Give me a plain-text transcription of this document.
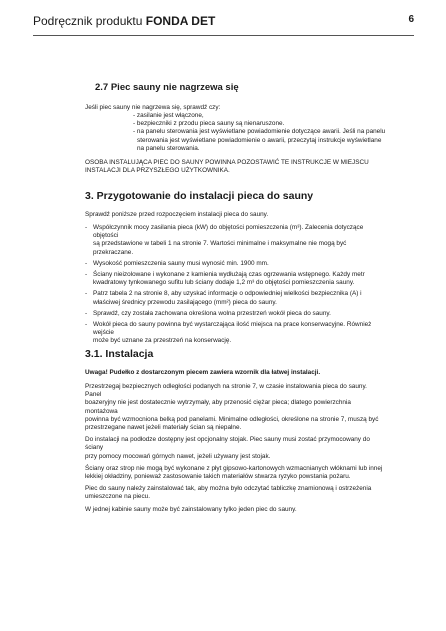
Podręcznik produktu FONDA DET	6
2.7 Piec sauny nie nagrzewa się

Jeśli piec sauny nie nagrzewa się, sprawdź czy:

- zasilanie jest włączone,

- bezpieczniki z przodu pieca sauny są nienaruszone.

- na panelu sterowania jest wyświetlane powiadomienie dotyczące awarii. Jeśli na panelu

sterowania jest wyświetlane powiadomienie o awarii, przeczytaj instrukcje wyświetlane

na panelu sterowania.

OSOBA INSTALUJĄCA PIEC DO SAUNY POWINNA POZOSTAWIĆ TE INSTRUKCJE W MIEJSCU

INSTALACJI DLA PRZYSZŁEGO UŻYTKOWNIKA.

3. Przygotowanie do instalacji pieca do sauny

Sprawdź poniższe przed rozpoczęciem instalacji pieca do sauny.

- Współczynnik mocy zasilania pieca (kW) do objętości pomieszczenia (m³). Zalecenia dotyczące objętości

są przedstawione w tabeli 1 na stronie 7. Wartości minimalne i maksymalne nie mogą być przekraczane.

- Wysokość pomieszczenia sauny musi wynosić min. 1900 mm.

- Ściany nieizolowane i wykonane z kamienia wydłużają czas ogrzewania wstępnego. Każdy metr

kwadratowy tynkowanego sufitu lub ściany dodaje 1,2 m³ do objętości pomieszczenia sauny.

- Patrz tabela 2 na stronie 8, aby uzyskać informacje o odpowiedniej wielkości bezpiecznika (A) i

właściwej średnicy przewodu zasilającego (mm²) pieca do sauny.

- Sprawdź, czy została zachowana określona wolna przestrzeń wokół pieca do sauny.

- Wokół pieca do sauny powinna być wystarczająca ilość miejsca na prace konserwacyjne. Również wejście

może być uznane za przestrzeń na konserwację.

3.1. Instalacja

Uwaga! Pudełko z dostarczonym piecem zawiera wzornik dla łatwej instalacji.

Przestrzegaj bezpiecznych odległości podanych na stronie 7, w czasie instalowania pieca do sauny. Panel

boazeryjny nie jest dostatecznie wytrzymały, aby przenosić ciężar pieca; dlatego powierzchnia montażowa

powinna być wzmocniona belką pod panelami. Minimalne odległości, określone na stronie 7, muszą być

przestrzegane nawet jeżeli materiały ścian są niepalne.

Do instalacji na podłodze dostępny jest opcjonalny stojak. Piec sauny musi zostać przymocowany do ściany

przy pomocy mocowań górnych nawet, jeżeli używany jest stojak.

Ściany oraz strop nie mogą być wykonane z płyt gipsowo-kartonowych wzmacnianych włóknami lub innej

lekkiej okładziny, ponieważ zastosowanie takich materiałów stwarza ryzyko powstania pożaru.

Piec do sauny należy zainstalować tak, aby można było odczytać tabliczkę znamionową i ostrzeżenia

umieszczone na piecu.

W jednej kabinie sauny może być zainstalowany tylko jeden piec do sauny.
